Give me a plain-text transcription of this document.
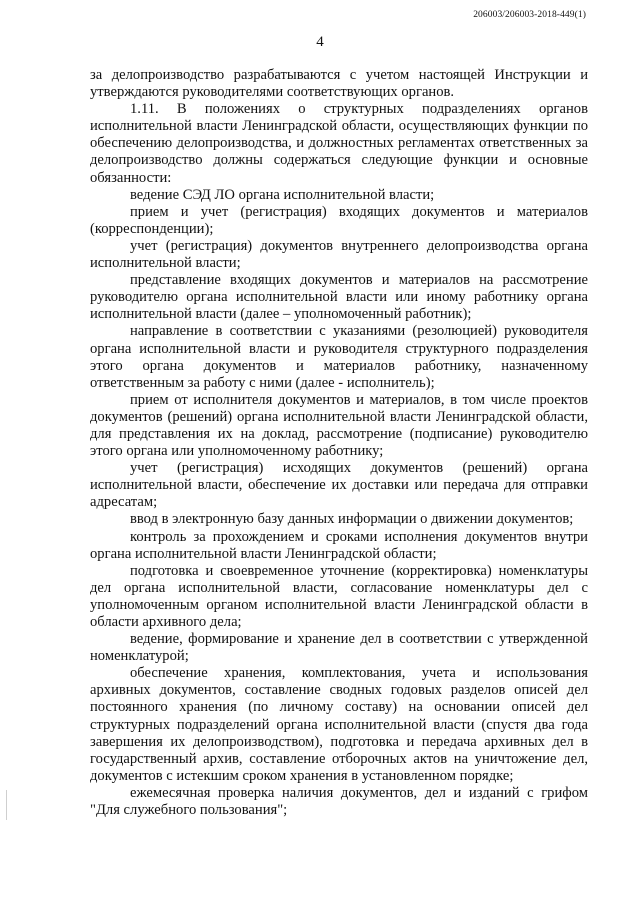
206003/206003-2018-449(1)
4

за делопроизводство разрабатываются с учетом настоящей Инструкции и утверждаются руководителями соответствующих органов.

1.11. В положениях о структурных подразделениях органов исполнительной власти Ленинградской области, осуществляющих функции по обеспечению делопроизводства, и должностных регламентах ответственных за делопроизводство должны содержаться следующие функции и основные обязанности:

ведение СЭД ЛО органа исполнительной власти;

прием и учет (регистрация) входящих документов и материалов (корреспонденции);

учет (регистрация) документов внутреннего делопроизводства органа исполнительной власти;

представление входящих документов и материалов на рассмотрение руководителю органа исполнительной власти или иному работнику органа исполнительной власти (далее – уполномоченный работник);

направление в соответствии с указаниями (резолюцией) руководителя органа исполнительной власти и руководителя структурного подразделения этого органа документов и материалов работнику, назначенному ответственным за работу с ними (далее - исполнитель);

прием от исполнителя документов и материалов, в том числе проектов документов (решений) органа исполнительной власти Ленинградской области, для представления их на доклад, рассмотрение (подписание) руководителю этого органа или уполномоченному работнику;

учет (регистрация) исходящих документов (решений) органа исполнительной власти, обеспечение их доставки или передача для отправки адресатам;

ввод в электронную базу данных информации о движении документов;

контроль за прохождением и сроками исполнения документов внутри органа исполнительной власти Ленинградской области;

подготовка и своевременное уточнение (корректировка) номенклатуры дел органа исполнительной власти, согласование номенклатуры дел с уполномоченным органом исполнительной власти Ленинградской области в области архивного дела;

ведение, формирование и хранение дел в соответствии с утвержденной номенклатурой;

обеспечение хранения, комплектования, учета и использования архивных документов, составление сводных годовых разделов описей дел постоянного хранения (по личному составу) на основании описей дел структурных подразделений органа исполнительной власти (спустя два года завершения их делопроизводством), подготовка и передача архивных дел в государственный архив, составление отборочных актов на уничтожение дел, документов с истекшим сроком хранения в установленном порядке;

ежемесячная проверка наличия документов, дел и изданий с грифом "Для служебного пользования";
